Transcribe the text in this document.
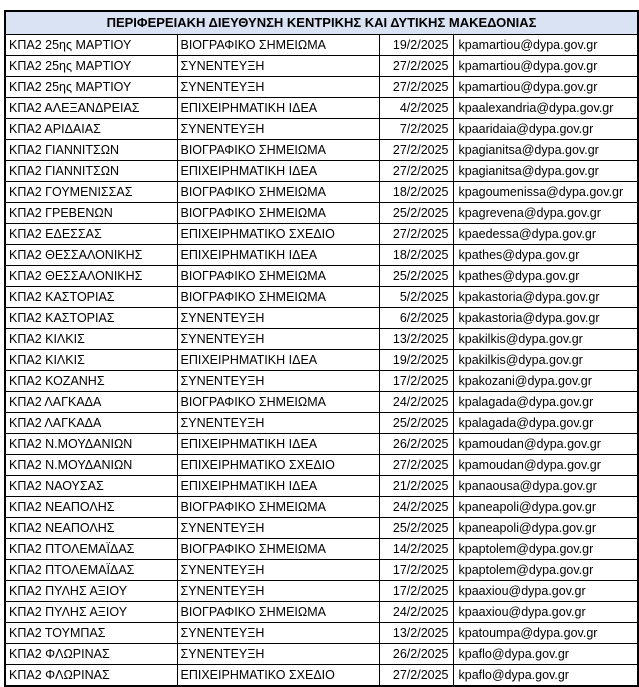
ΠΕΡΙΦΕΡΕΙΑΚΗ ΔΙΕΥΘΥΝΣΗ ΚΕΝΤΡΙΚΗΣ ΚΑΙ ΔΥΤΙΚΗΣ ΜΑΚΕΔΟΝΙΑΣ			
ΚΠΑ2 25ης ΜΑΡΤΙΟΥ	ΒΙΟΓΡΑΦΙΚΟ ΣΗΜΕΙΩΜΑ	19/2/2025	kpamartiou@dypa.gov.gr
ΚΠΑ2 25ης ΜΑΡΤΙΟΥ	ΣΥΝΕΝΤΕΥΞΗ	27/2/2025	kpamartiou@dypa.gov.gr
ΚΠΑ2 25ης ΜΑΡΤΙΟΥ	ΣΥΝΕΝΤΕΥΞΗ	27/2/2025	kpamartiou@dypa.gov.gr
ΚΠΑ2 ΑΛΕΞΑΝΔΡΕΙΑΣ	ΕΠΙΧΕΙΡΗΜΑΤΙΚΗ ΙΔΕΑ	4/2/2025	kpaalexandria@dypa.gov.gr
ΚΠΑ2 ΑΡΙΔΑΙΑΣ	ΣΥΝΕΝΤΕΥΞΗ	7/2/2025	kpaaridaia@dypa.gov.gr
ΚΠΑ2 ΓΙΑΝΝΙΤΣΩΝ	ΒΙΟΓΡΑΦΙΚΟ ΣΗΜΕΙΩΜΑ	27/2/2025	kpagianitsa@dypa.gov.gr
ΚΠΑ2 ΓΙΑΝΝΙΤΣΩΝ	ΕΠΙΧΕΙΡΗΜΑΤΙΚΗ ΙΔΕΑ	27/2/2025	kpagianitsa@dypa.gov.gr
ΚΠΑ2 ΓΟΥΜΕΝΙΣΣΑΣ	ΒΙΟΓΡΑΦΙΚΟ ΣΗΜΕΙΩΜΑ	18/2/2025	kpagoumenissa@dypa.gov.gr
ΚΠΑ2 ΓΡΕΒΕΝΩΝ	ΒΙΟΓΡΑΦΙΚΟ ΣΗΜΕΙΩΜΑ	25/2/2025	kpagrevena@dypa.gov.gr
ΚΠΑ2 ΕΔΕΣΣΑΣ	ΕΠΙΧΕΙΡΗΜΑΤΙΚΟ ΣΧΕΔΙΟ	27/2/2025	kpaedessa@dypa.gov.gr
ΚΠΑ2 ΘΕΣΣΑΛΟΝΙΚΗΣ	ΕΠΙΧΕΙΡΗΜΑΤΙΚΗ ΙΔΕΑ	18/2/2025	kpathes@dypa.gov.gr
ΚΠΑ2 ΘΕΣΣΑΛΟΝΙΚΗΣ	ΒΙΟΓΡΑΦΙΚΟ ΣΗΜΕΙΩΜΑ	25/2/2025	kpathes@dypa.gov.gr
ΚΠΑ2 ΚΑΣΤΟΡΙΑΣ	ΒΙΟΓΡΑΦΙΚΟ ΣΗΜΕΙΩΜΑ	5/2/2025	kpakastoria@dypa.gov.gr
ΚΠΑ2 ΚΑΣΤΟΡΙΑΣ	ΣΥΝΕΝΤΕΥΞΗ	6/2/2025	kpakastoria@dypa.gov.gr
ΚΠΑ2 ΚΙΛΚΙΣ	ΣΥΝΕΝΤΕΥΞΗ	13/2/2025	kpakilkis@dypa.gov.gr
ΚΠΑ2 ΚΙΛΚΙΣ	ΕΠΙΧΕΙΡΗΜΑΤΙΚΗ ΙΔΕΑ	19/2/2025	kpakilkis@dypa.gov.gr
ΚΠΑ2 ΚΟΖΑΝΗΣ	ΣΥΝΕΝΤΕΥΞΗ	17/2/2025	kpakozani@dypa.gov.gr
ΚΠΑ2 ΛΑΓΚΑΔΑ	ΒΙΟΓΡΑΦΙΚΟ ΣΗΜΕΙΩΜΑ	24/2/2025	kpalagada@dypa.gov.gr
ΚΠΑ2 ΛΑΓΚΑΔΑ	ΣΥΝΕΝΤΕΥΞΗ	25/2/2025	kpalagada@dypa.gov.gr
ΚΠΑ2 Ν.ΜΟΥΔΑΝΙΩΝ	ΕΠΙΧΕΙΡΗΜΑΤΙΚΗ ΙΔΕΑ	26/2/2025	kpamoudan@dypa.gov.gr
ΚΠΑ2 Ν.ΜΟΥΔΑΝΙΩΝ	ΕΠΙΧΕΙΡΗΜΑΤΙΚΟ ΣΧΕΔΙΟ	27/2/2025	kpamoudan@dypa.gov.gr
ΚΠΑ2 ΝΑΟΥΣΑΣ	ΕΠΙΧΕΙΡΗΜΑΤΙΚΗ ΙΔΕΑ	21/2/2025	kpanaousa@dypa.gov.gr
ΚΠΑ2 ΝΕΑΠΟΛΗΣ	ΒΙΟΓΡΑΦΙΚΟ ΣΗΜΕΙΩΜΑ	24/2/2025	kpaneapoli@dypa.gov.gr
ΚΠΑ2 ΝΕΑΠΟΛΗΣ	ΣΥΝΕΝΤΕΥΞΗ	25/2/2025	kpaneapoli@dypa.gov.gr
ΚΠΑ2 ΠΤΟΛΕΜΑΪΔΑΣ	ΒΙΟΓΡΑΦΙΚΟ ΣΗΜΕΙΩΜΑ	14/2/2025	kpaptolem@dypa.gov.gr
ΚΠΑ2 ΠΤΟΛΕΜΑΪΔΑΣ	ΣΥΝΕΝΤΕΥΞΗ	17/2/2025	kpaptolem@dypa.gov.gr
ΚΠΑ2 ΠΥΛΗΣ ΑΞΙΟΥ	ΣΥΝΕΝΤΕΥΞΗ	17/2/2025	kpaaxiou@dypa.gov.gr
ΚΠΑ2 ΠΥΛΗΣ ΑΞΙΟΥ	ΒΙΟΓΡΑΦΙΚΟ ΣΗΜΕΙΩΜΑ	24/2/2025	kpaaxiou@dypa.gov.gr
ΚΠΑ2 ΤΟΥΜΠΑΣ	ΣΥΝΕΝΤΕΥΞΗ	13/2/2025	kpatoumpa@dypa.gov.gr
ΚΠΑ2 ΦΛΩΡΙΝΑΣ	ΣΥΝΕΝΤΕΥΞΗ	26/2/2025	kpaflo@dypa.gov.gr
ΚΠΑ2 ΦΛΩΡΙΝΑΣ	ΕΠΙΧΕΙΡΗΜΑΤΙΚΟ ΣΧΕΔΙΟ	27/2/2025	kpaflo@dypa.gov.gr
